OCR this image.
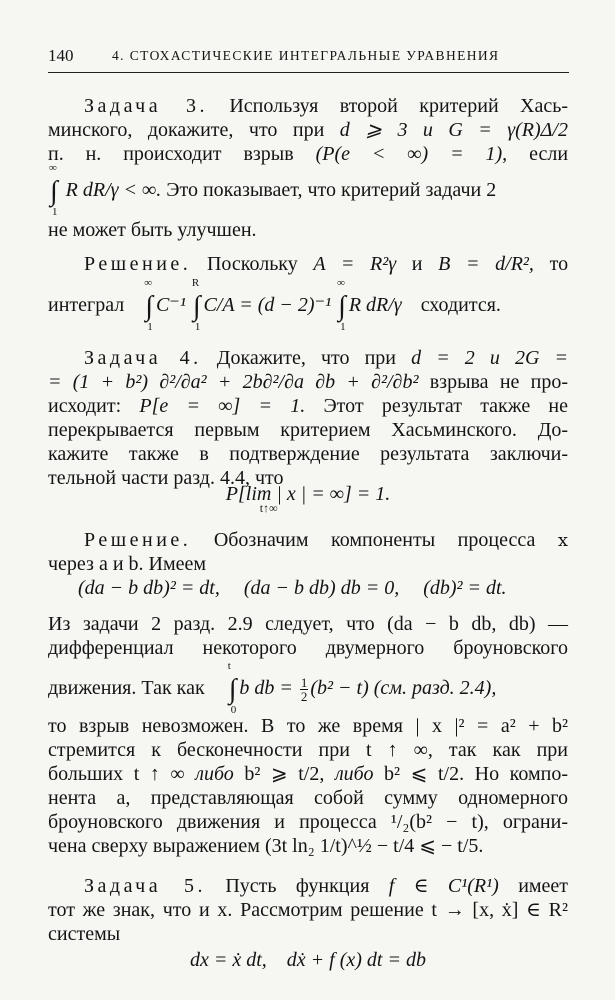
140	4. СТОХАСТИЧЕСКИЕ ИНТЕГРАЛЬНЫЕ УРАВНЕНИЯ
Задача 3. Используя второй критерий Хась-
минского, докажите, что при d ⩾ 3 и G = γ(R)Δ/2
п. н. происходит взрыв (P(e < ∞) = 1), если
∫
∞
1
R dR/γ < ∞. Это показывает, что критерий задачи 2
не может быть улучшен.
Решение. Поскольку A = R²γ и B = d/R², то
интеграл ∫
∞
1
C⁻¹ ∫
R
1
C/A = (d − 2)⁻¹ ∫
∞
1
R dR/γ сходится.
Задача 4. Докажите, что при d = 2 и 2G =
= (1 + b²) ∂²/∂a² + 2b∂²/∂a ∂b + ∂²/∂b² взрыва не про-
исходит: P[e = ∞] = 1. Этот результат также не
перекрывается первым критерием Хасьминского. До-
кажите также в подтверждение результата заключи-
тельной части разд. 4.4, что
P[lim | x | = ∞] = 1.
t↑∞
Решение. Обозначим компоненты процесса x
через a и b. Имеем
(da − b db)² = dt, (da − b db) db = 0, (db)² = dt.
Из задачи 2 разд. 2.9 следует, что (da − b db, db) —
дифференциал некоторого двумерного броуновского
движения. Так как ∫
t
0
b db = $\frac{1}{2} (b^2 - t)$ (см. разд. 2.4),
то взрыв невозможен. В то же время | x |² = a² + b²
стремится к бесконечности при t ↑ ∞, так как при
больших t ↑ ∞ либо b² ⩾ t/2, либо b² ⩽ t/2. Но компо-
нента a, представляющая собой сумму одномерного
броуновского движения и процесса ¹/₂(b² − t), ограни-
чена сверху выражением (3t ln₂ 1/t)^½ − t/4 ⩽ − t/5.
Задача 5. Пусть функция f ∈ C¹(R¹) имеет
тот же знак, что и x. Рассмотрим решение t → [x, ẋ] ∈ R²
системы
dx = ẋ dt,    dẋ + f (x) dt = db
